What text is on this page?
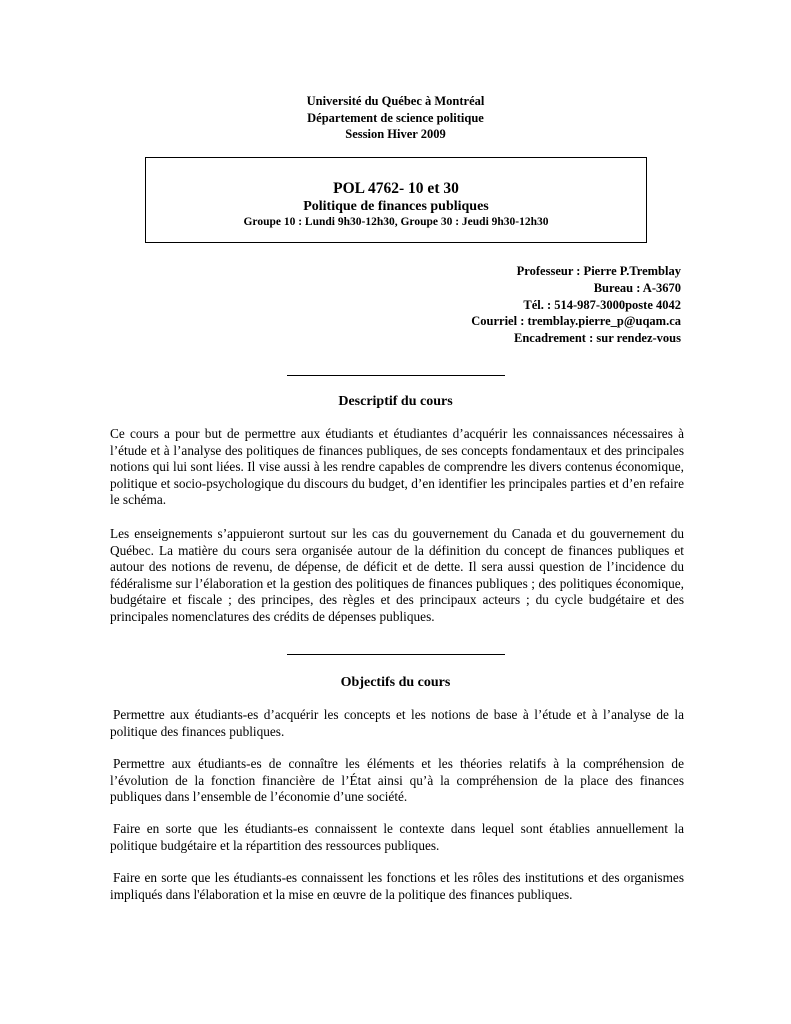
Université du Québec à Montréal
Département de science politique
Session Hiver 2009
POL 4762- 10 et 30
Politique de finances publiques
Groupe 10 : Lundi 9h30-12h30, Groupe 30 : Jeudi 9h30-12h30
Professeur : Pierre P.Tremblay
Bureau : A-3670
Tél. : 514-987-3000poste 4042
Courriel : tremblay.pierre_p@uqam.ca
Encadrement : sur rendez-vous
Descriptif du cours

Ce cours a pour but de permettre aux étudiants et étudiantes d’acquérir les connaissances nécessaires à l’étude et à l’analyse des politiques de finances publiques, de ses concepts fondamentaux et des principales notions qui lui sont liées. Il vise aussi à les rendre capables de comprendre les divers contenus économique, politique et socio-psychologique du discours du budget, d’en identifier les principales parties et d’en refaire le schéma.

Les enseignements s’appuieront surtout sur les cas du gouvernement du Canada et du gouvernement du Québec. La matière du cours sera organisée autour de la définition du concept de finances publiques et autour des notions de revenu, de dépense, de déficit et de dette. Il sera aussi question de l’incidence du fédéralisme sur l’élaboration et la gestion des politiques de finances publiques ; des politiques économique, budgétaire et fiscale ; des principes, des règles et des principaux acteurs ; du cycle budgétaire et des principales nomenclatures des crédits de dépenses publiques.

Objectifs du cours

Permettre aux étudiants-es d’acquérir les concepts et les notions de base à l’étude et à l’analyse de la politique des finances publiques.

Permettre aux étudiants-es de connaître les éléments et les théories relatifs à la compréhension de l’évolution de la fonction financière de l’État ainsi qu’à la compréhension de la place des finances publiques dans l’ensemble de l’économie d’une société.

Faire en sorte que les étudiants-es connaissent le contexte dans lequel sont établies annuellement la politique budgétaire et la répartition des ressources publiques.

Faire en sorte que les étudiants-es connaissent les fonctions et les rôles des institutions et des organismes impliqués dans l'élaboration et la mise en œuvre de la politique des finances publiques.
